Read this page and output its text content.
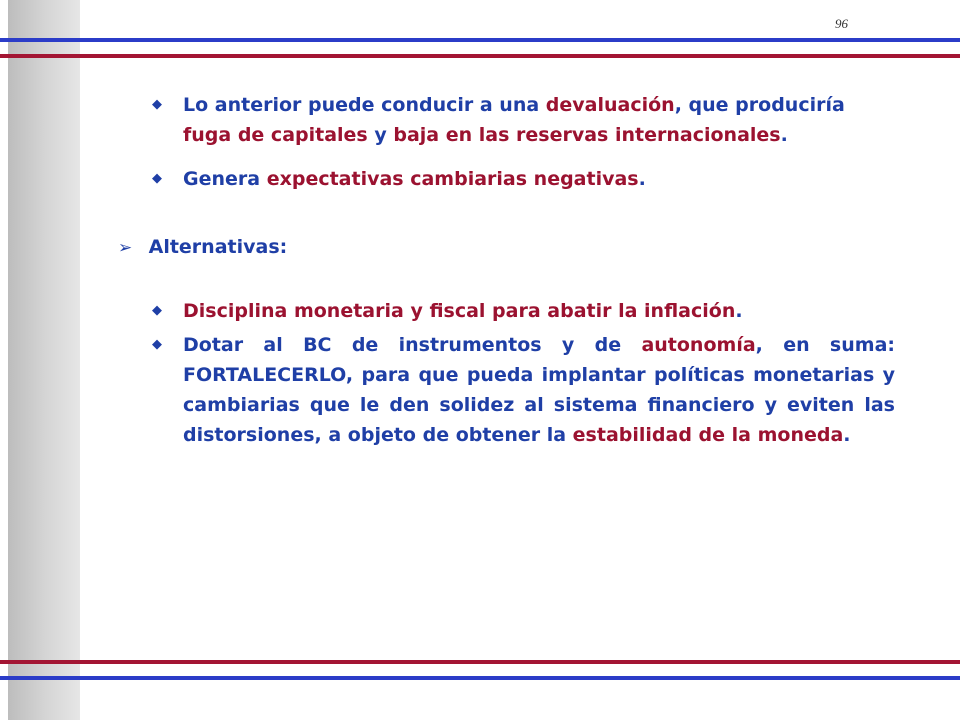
96

◆ Lo anterior puede conducir a una devaluación, que produciría fuga de capitales y baja en las reservas internacionales.

◆ Genera expectativas cambiarias negativas.

➢ Alternativas:

◆ Disciplina monetaria y fiscal para abatir la inflación.

◆ Dotar al BC de instrumentos y de autonomía, en suma: FORTALECERLO, para que pueda implantar políticas monetarias y cambiarias que le den solidez al sistema financiero y eviten las distorsiones, a objeto de obtener la estabilidad de la moneda.
